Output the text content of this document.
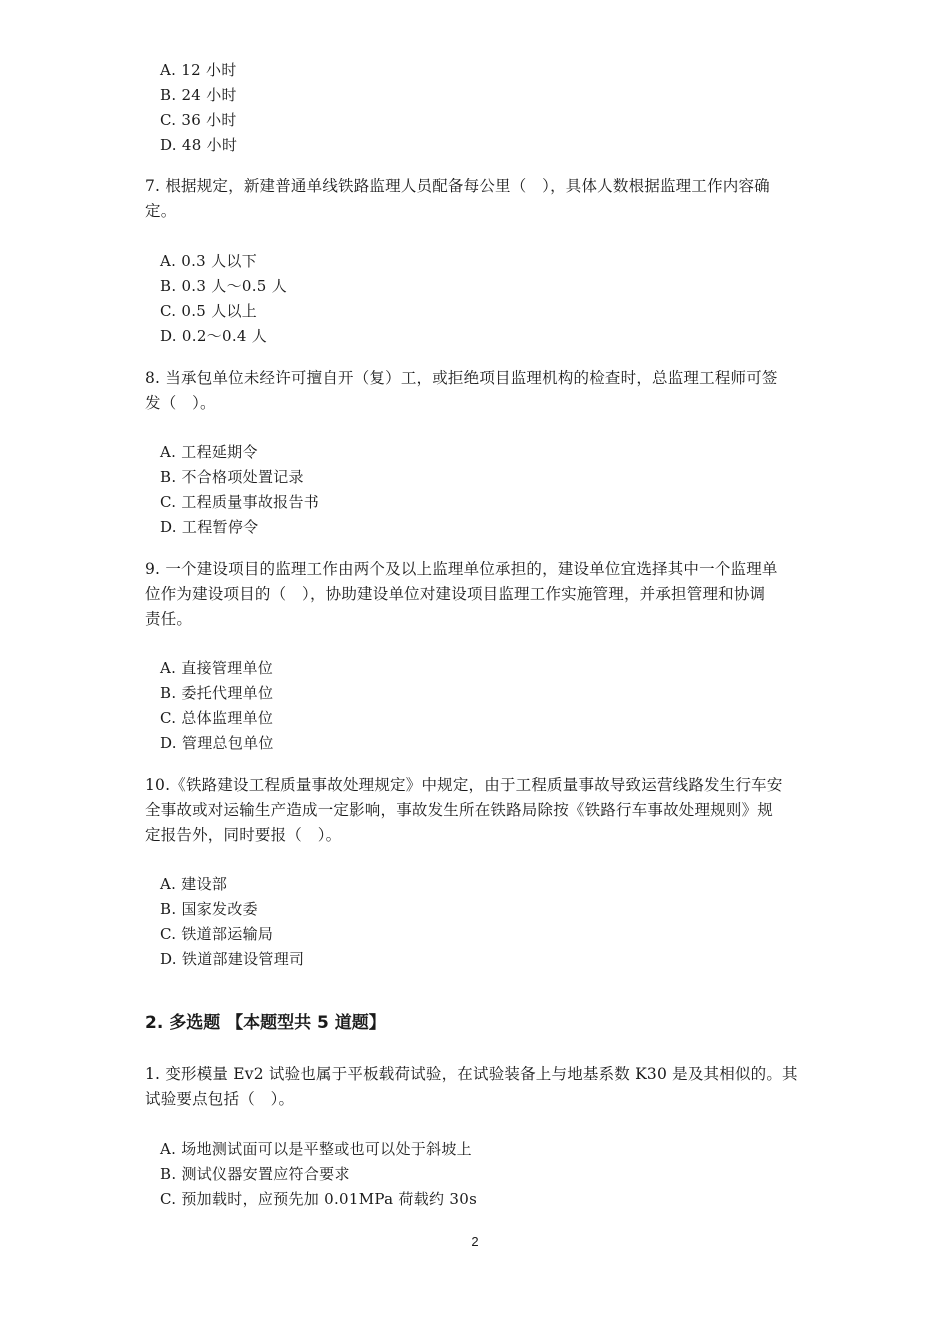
A. 12 小时
B. 24 小时
C. 36 小时
D. 48 小时
7. 根据规定，新建普通单线铁路监理人员配备每公里（　），具体人数根据监理工作内容确
定。
A. 0.3 人以下
B. 0.3 人～0.5 人
C. 0.5 人以上
D. 0.2～0.4 人
8. 当承包单位未经许可擅自开（复）工，或拒绝项目监理机构的检查时，总监理工程师可签
发（　）。
A. 工程延期令
B. 不合格项处置记录
C. 工程质量事故报告书
D. 工程暂停令
9. 一个建设项目的监理工作由两个及以上监理单位承担的，建设单位宜选择其中一个监理单
位作为建设项目的（　），协助建设单位对建设项目监理工作实施管理，并承担管理和协调
责任。
A. 直接管理单位
B. 委托代理单位
C. 总体监理单位
D. 管理总包单位
10.《铁路建设工程质量事故处理规定》中规定，由于工程质量事故导致运营线路发生行车安
全事故或对运输生产造成一定影响，事故发生所在铁路局除按《铁路行车事故处理规则》规
定报告外，同时要报（　）。
A. 建设部
B. 国家发改委
C. 铁道部运输局
D. 铁道部建设管理司
2. 多选题 【本题型共 5 道题】
1. 变形模量 Ev2 试验也属于平板载荷试验，在试验装备上与地基系数 K30 是及其相似的。其
试验要点包括（　）。
A. 场地测试面可以是平整或也可以处于斜坡上
B. 测试仪器安置应符合要求
C. 预加载时，应预先加 0.01MPa 荷载约 30s
2
